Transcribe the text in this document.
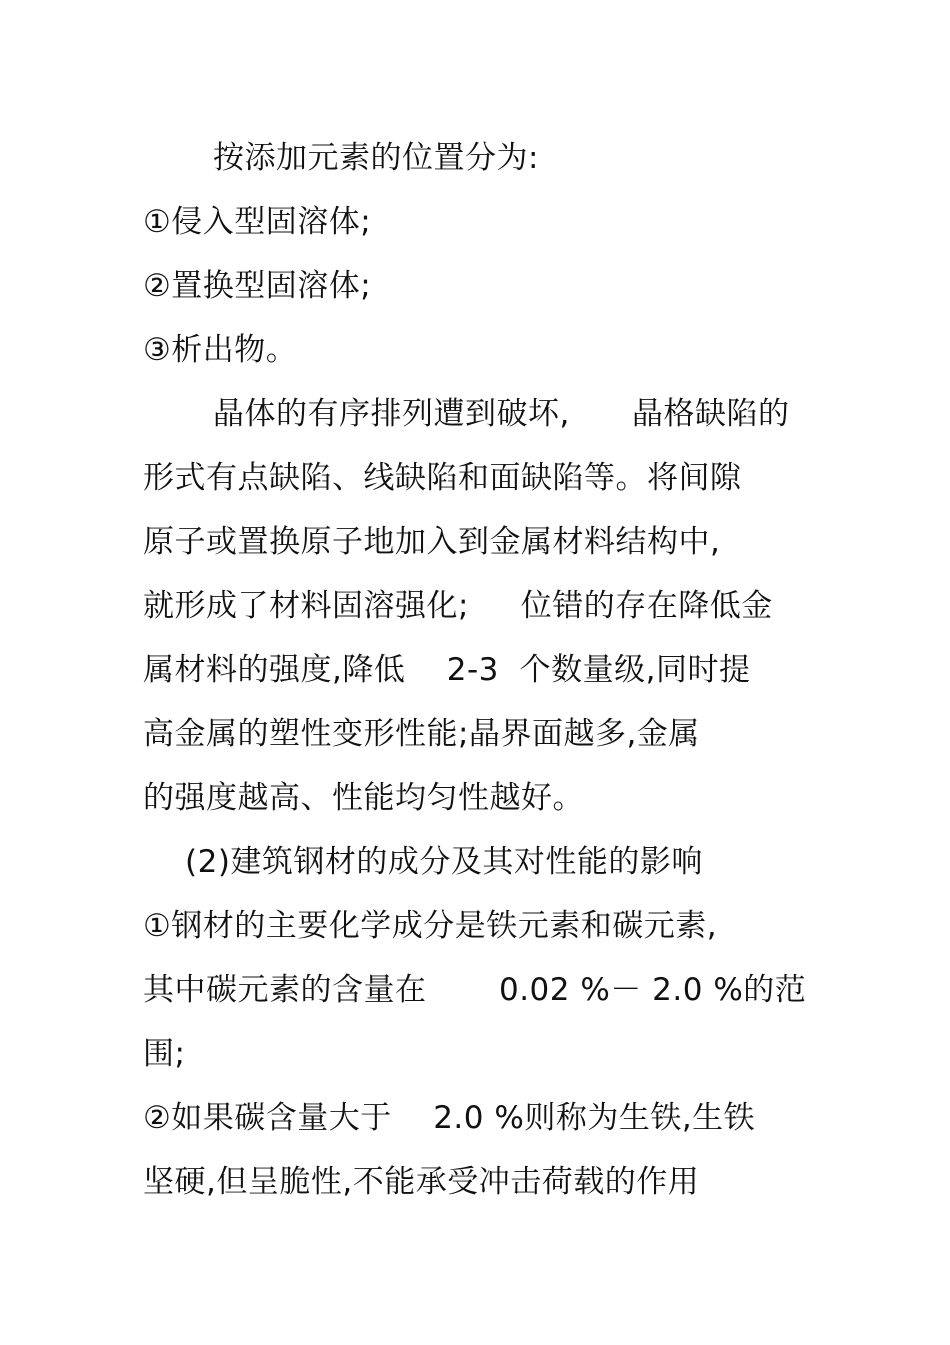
按添加元素的位置分为:
①侵入型固溶体;
②置换型固溶体;
③析出物。
晶体的有序排列遭到破坏,      晶格缺陷的
形式有点缺陷、线缺陷和面缺陷等。将间隙
原子或置换原子地加入到金属材料结构中,
就形成了材料固溶强化;     位错的存在降低金
属材料的强度,降低    2-3  个数量级,同时提
高金属的塑性变形性能;晶界面越多,金属
的强度越高、性能均匀性越好。
(2)建筑钢材的成分及其对性能的影响
①钢材的主要化学成分是铁元素和碳元素,
其中碳元素的含量在       0.02 %－ 2.0 %的范
围;
②如果碳含量大于    2.0 %则称为生铁,生铁
坚硬,但呈脆性,不能承受冲击荷载的作用
